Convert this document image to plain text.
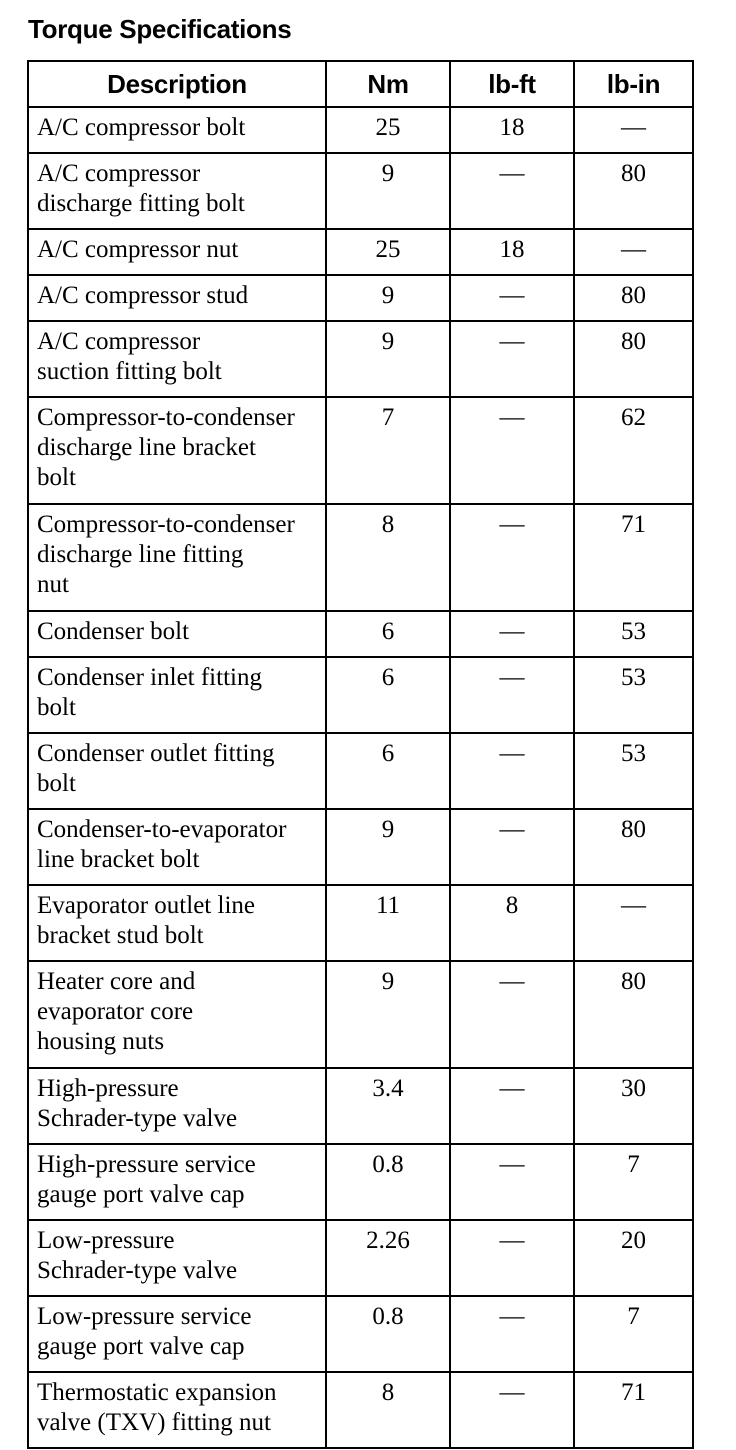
Torque Specifications
Description	Nm	lb-ft	lb-in

A/C compressor bolt	25	18	—

A/C compressor
discharge fitting bolt	9	—	80

A/C compressor nut	25	18	—

A/C compressor stud	9	—	80

A/C compressor
suction fitting bolt	9	—	80

Compressor-to-condenser
discharge line bracket
bolt	7	—	62

Compressor-to-condenser
discharge line fitting
nut	8	—	71

Condenser bolt	6	—	53

Condenser inlet fitting
bolt	6	—	53

Condenser outlet fitting
bolt	6	—	53

Condenser-to-evaporator
line bracket bolt	9	—	80

Evaporator outlet line
bracket stud bolt	11	8	—

Heater core and
evaporator core
housing nuts	9	—	80

High-pressure
Schrader-type valve	3.4	—	30

High-pressure service
gauge port valve cap	0.8	—	7

Low-pressure
Schrader-type valve	2.26	—	20

Low-pressure service
gauge port valve cap	0.8	—	7

Thermostatic expansion
valve (TXV) fitting nut	8	—	71
